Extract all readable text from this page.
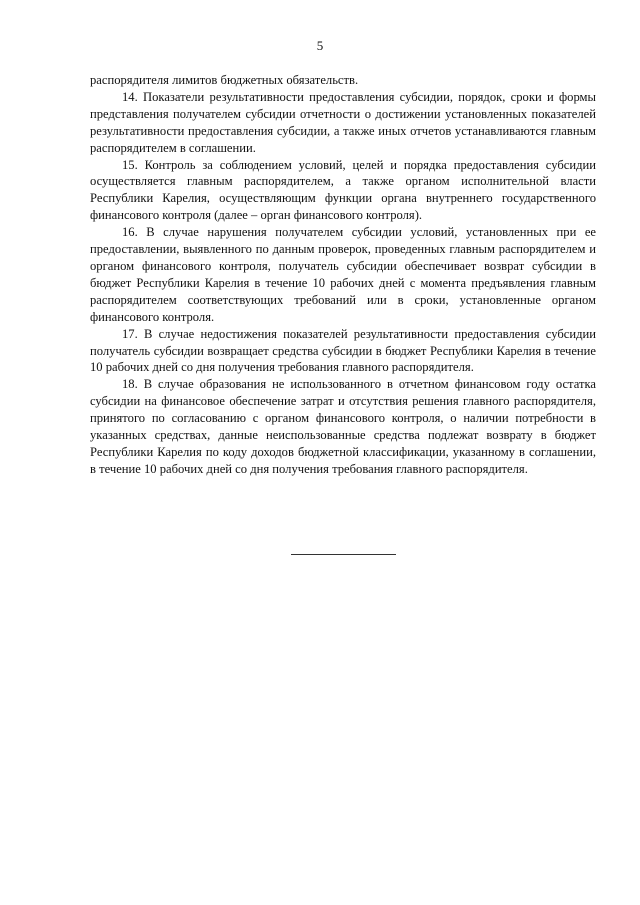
5

распорядителя лимитов бюджетных обязательств.

14. Показатели результативности предоставления субсидии, порядок, сроки и формы представления получателем субсидии отчетности о достижении установленных показателей результативности предоставления субсидии, а также иных отчетов устанавливаются главным распорядителем в соглашении.

15. Контроль за соблюдением условий, целей и порядка предоставления субсидии осуществляется главным распорядителем, а также органом исполнительной власти Республики Карелия, осуществляющим функции органа внутреннего государственного финансового контроля (далее – орган финансового контроля).

16. В случае нарушения получателем субсидии условий, установленных при ее предоставлении, выявленного по данным проверок, проведенных главным распорядителем и органом финансового контроля, получатель субсидии обеспечивает возврат субсидии в бюджет Республики Карелия в течение 10 рабочих дней с момента предъявления главным распорядителем соответствующих требований или в сроки, установленные органом финансового контроля.

17. В случае недостижения показателей результативности предоставления субсидии получатель субсидии возвращает средства субсидии в бюджет Республики Карелия в течение 10 рабочих дней со дня получения требования главного распорядителя.

18. В случае образования не использованного в отчетном финансовом году остатка субсидии на финансовое обеспечение затрат и отсутствия решения главного распорядителя, принятого по согласованию с органом финансового контроля, о наличии потребности в указанных средствах, данные неиспользованные средства подлежат возврату в бюджет Республики Карелия по коду доходов бюджетной классификации, указанному в соглашении, в течение 10 рабочих дней со дня получения требования главного распорядителя.
